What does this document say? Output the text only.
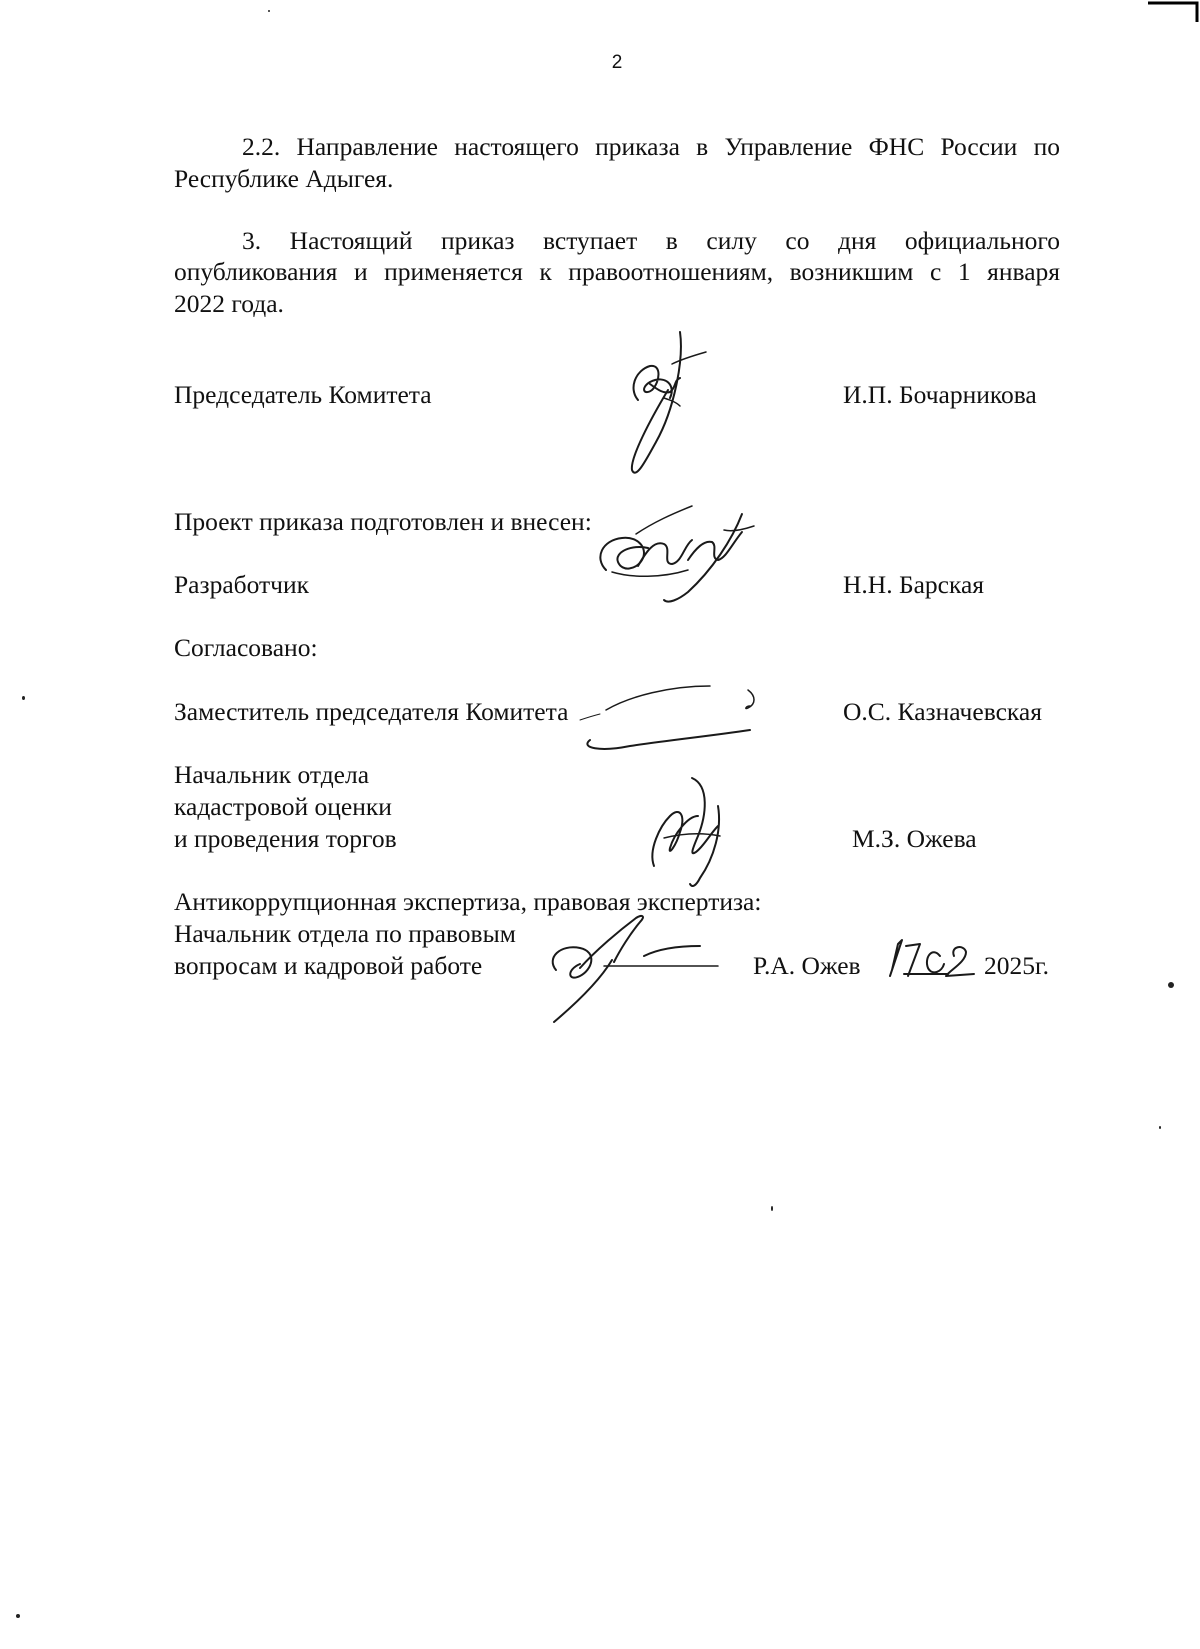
2
2.2. Направление настоящего приказа в Управление ФНС России по
Республике Адыгея.
3. Настоящий приказ вступает в силу со дня официального
опубликования и применяется к правоотношениям, возникшим с 1 января
2022 года.
Председатель Комитета	И.П. Бочарникова
Проект приказа подготовлен и внесен:
Разработчик	Н.Н. Барская
Согласовано:
Заместитель председателя Комитета	О.С. Казначевская
Начальник отдела
кадастровой оценки
и проведения торгов	М.З. Ожева
Антикоррупционная экспертиза, правовая экспертиза:
Начальник отдела по правовым
вопросам и кадровой работе	Р.А. Ожев	2025г.
